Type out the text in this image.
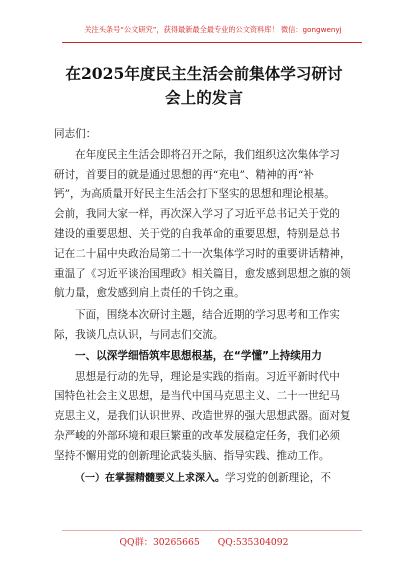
关注头条号“公文研究”，获得最新最全最专业的公文资料库！ 微信：gongwenyj
在2025年度民主生活会前集体学习研讨
会上的发言
同志们：
在年度民主生活会即将召开之际，我们组织这次集体学习
研讨，首要目的就是通过思想的再“充电”、精神的再“补
钙”，为高质量开好民主生活会打下坚实的思想和理论根基。
会前，我同大家一样，再次深入学习了习近平总书记关于党的
建设的重要思想、关于党的自我革命的重要思想，特别是总书
记在二十届中央政治局第二十一次集体学习时的重要讲话精神，
重温了《习近平谈治国理政》相关篇目，愈发感到思想之旗的领
航力量，愈发感到肩上责任的千钧之重。
下面，围绕本次研讨主题，结合近期的学习思考和工作实
际，我谈几点认识，与同志们交流。
一、以深学细悟筑牢思想根基，在“学懂”上持续用力
思想是行动的先导，理论是实践的指南。习近平新时代中
国特色社会主义思想，是当代中国马克思主义、二十一世纪马
克思主义，是我们认识世界、改造世界的强大思想武器。面对复
杂严峻的外部环境和艰巨繁重的改革发展稳定任务，我们必须
坚持不懈用党的创新理论武装头脑、指导实践、推动工作。
（一）在掌握精髓要义上求深入。学习党的创新理论，不
QQ群：30265665 QQ:535304092
